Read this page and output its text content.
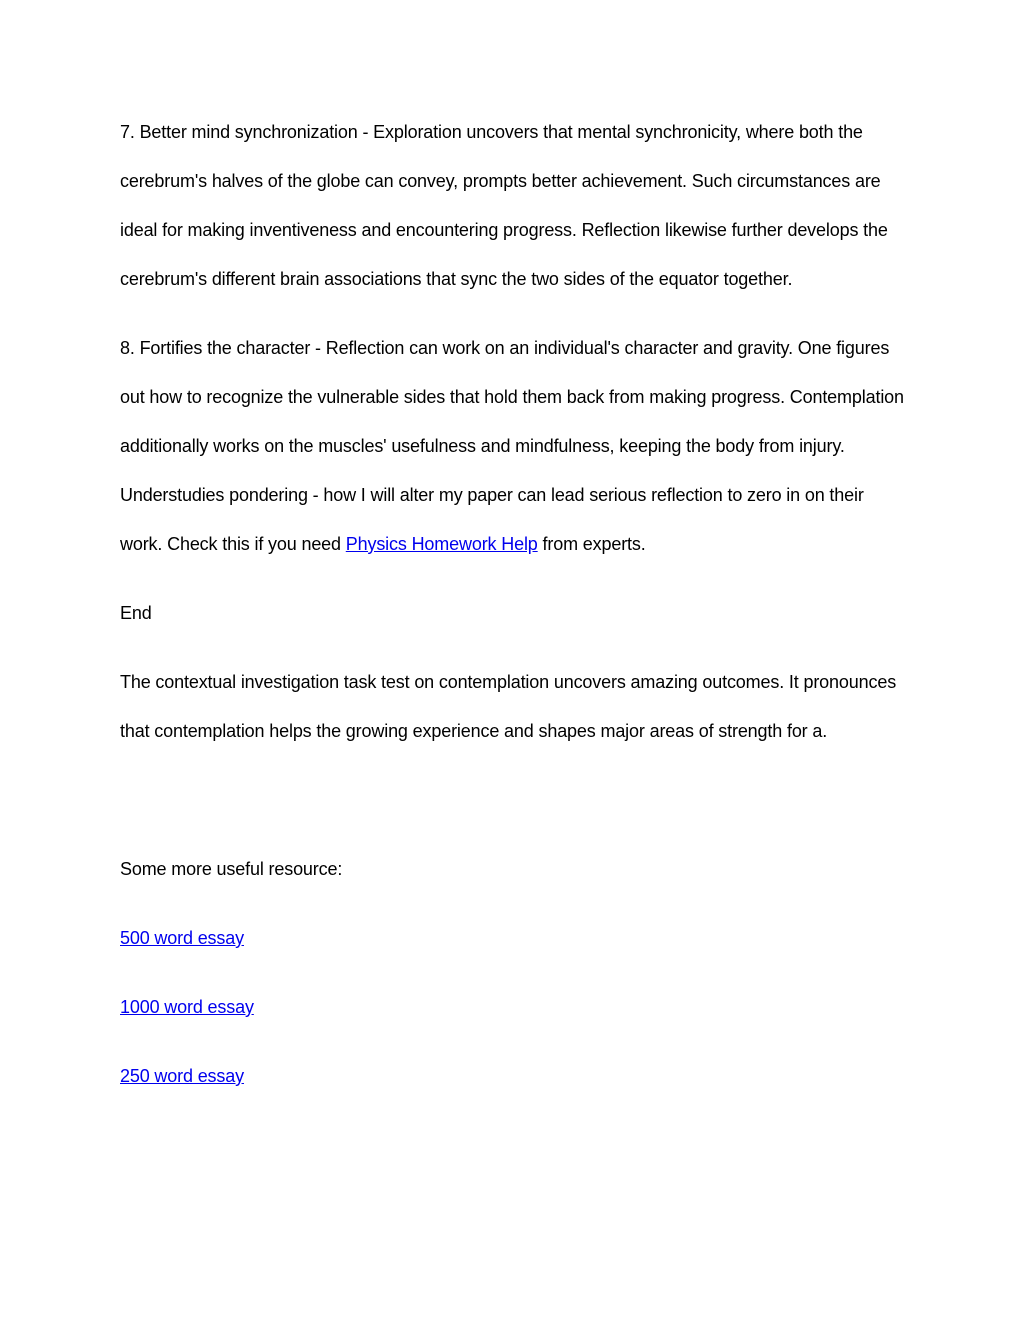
7. Better mind synchronization - Exploration uncovers that mental synchronicity, where both the cerebrum's halves of the globe can convey, prompts better achievement. Such circumstances are ideal for making inventiveness and encountering progress. Reflection likewise further develops the cerebrum's different brain associations that sync the two sides of the equator together.

8. Fortifies the character - Reflection can work on an individual's character and gravity. One figures out how to recognize the vulnerable sides that hold them back from making progress. Contemplation additionally works on the muscles' usefulness and mindfulness, keeping the body from injury. Understudies pondering - how I will alter my paper can lead serious reflection to zero in on their work. Check this if you need Physics Homework Help from experts.

End

The contextual investigation task test on contemplation uncovers amazing outcomes. It pronounces that contemplation helps the growing experience and shapes major areas of strength for a.

Some more useful resource:

500 word essay

1000 word essay

250 word essay
